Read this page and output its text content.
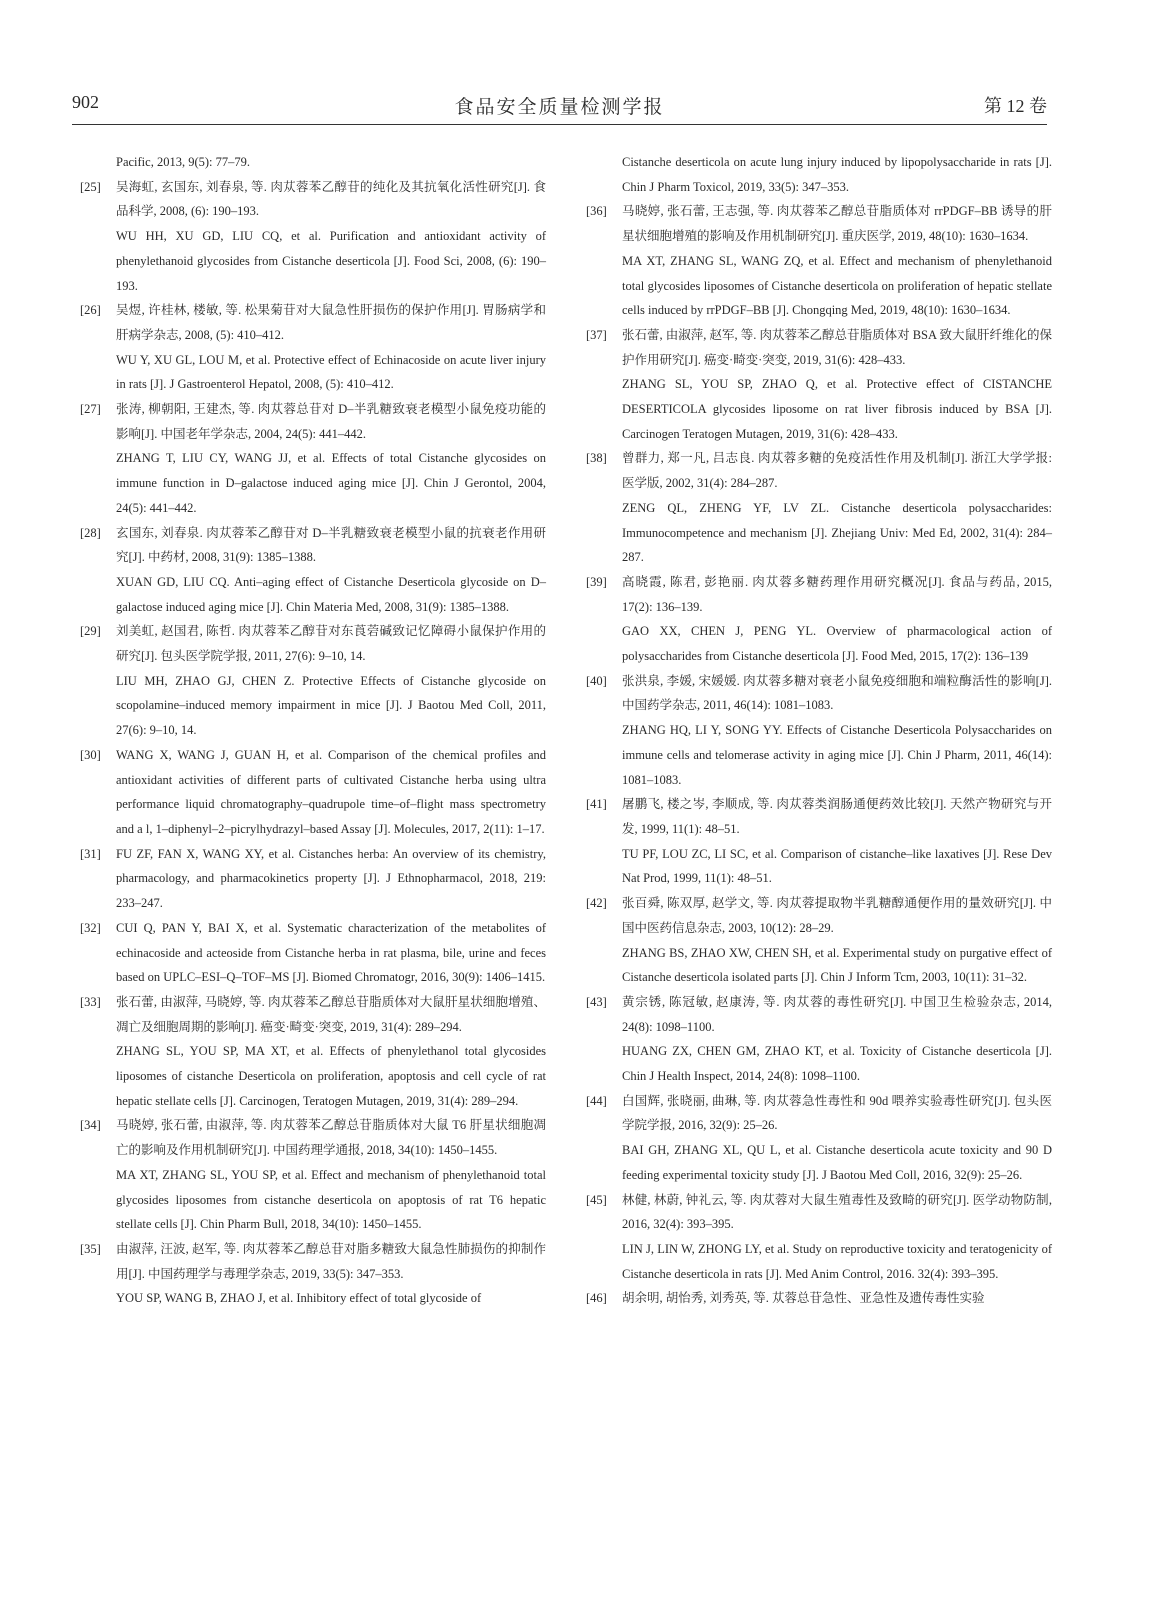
902	食品安全质量检测学报	第 12 卷

Pacific, 2013, 9(5): 77–79.

[25]	吴海虹, 玄国东, 刘春泉, 等. 肉苁蓉苯乙醇苷的纯化及其抗氧化活性研究[J]. 食品科学, 2008, (6): 190–193.

WU HH, XU GD, LIU CQ, et al. Purification and antioxidant activity of phenylethanoid glycosides from Cistanche deserticola [J]. Food Sci, 2008, (6): 190–193.

[26]	吴煜, 许桂林, 楼敏, 等. 松果菊苷对大鼠急性肝损伤的保护作用[J]. 胃肠病学和肝病学杂志, 2008, (5): 410–412.

WU Y, XU GL, LOU M, et al. Protective effect of Echinacoside on acute liver injury in rats [J]. J Gastroenterol Hepatol, 2008, (5): 410–412.

[27]	张涛, 柳朝阳, 王建杰, 等. 肉苁蓉总苷对 D–半乳糖致衰老模型小鼠免疫功能的影响[J]. 中国老年学杂志, 2004, 24(5): 441–442.

ZHANG T, LIU CY, WANG JJ, et al. Effects of total Cistanche glycosides on immune function in D–galactose induced aging mice [J]. Chin J Gerontol, 2004, 24(5): 441–442.

[28]	玄国东, 刘春泉. 肉苁蓉苯乙醇苷对 D–半乳糖致衰老模型小鼠的抗衰老作用研究[J]. 中药材, 2008, 31(9): 1385–1388.

XUAN GD, LIU CQ. Anti–aging effect of Cistanche Deserticola glycoside on D–galactose induced aging mice [J]. Chin Materia Med, 2008, 31(9): 1385–1388.

[29]	刘美虹, 赵国君, 陈哲. 肉苁蓉苯乙醇苷对东莨菪碱致记忆障碍小鼠保护作用的研究[J]. 包头医学院学报, 2011, 27(6): 9–10, 14.

LIU MH, ZHAO GJ, CHEN Z. Protective Effects of Cistanche glycoside on scopolamine–induced memory impairment in mice [J]. J Baotou Med Coll, 2011, 27(6): 9–10, 14.

[30]	WANG X, WANG J, GUAN H, et al. Comparison of the chemical profiles and antioxidant activities of different parts of cultivated Cistanche herba using ultra performance liquid chromatography–quadrupole time–of–flight mass spectrometry and a l, 1–diphenyl–2–picrylhydrazyl–based Assay [J]. Molecules, 2017, 2(11): 1–17.

[31]	FU ZF, FAN X, WANG XY, et al. Cistanches herba: An overview of its chemistry, pharmacology, and pharmacokinetics property [J]. J Ethnopharmacol, 2018, 219: 233–247.

[32]	CUI Q, PAN Y, BAI X, et al. Systematic characterization of the metabolites of echinacoside and acteoside from Cistanche herba in rat plasma, bile, urine and feces based on UPLC–ESI–Q–TOF–MS [J]. Biomed Chromatogr, 2016, 30(9): 1406–1415.

[33]	张石蕾, 由淑萍, 马晓婷, 等. 肉苁蓉苯乙醇总苷脂质体对大鼠肝星状细胞增殖、凋亡及细胞周期的影响[J]. 癌变·畸变·突变, 2019, 31(4): 289–294.

ZHANG SL, YOU SP, MA XT, et al. Effects of phenylethanol total glycosides liposomes of cistanche Deserticola on proliferation, apoptosis and cell cycle of rat hepatic stellate cells [J]. Carcinogen, Teratogen Mutagen, 2019, 31(4): 289–294.

[34]	马晓婷, 张石蕾, 由淑萍, 等. 肉苁蓉苯乙醇总苷脂质体对大鼠 T6 肝星状细胞凋亡的影响及作用机制研究[J]. 中国药理学通报, 2018, 34(10): 1450–1455.

MA XT, ZHANG SL, YOU SP, et al. Effect and mechanism of phenylethanoid total glycosides liposomes from cistanche deserticola on apoptosis of rat T6 hepatic stellate cells [J]. Chin Pharm Bull, 2018, 34(10): 1450–1455.

[35]	由淑萍, 汪波, 赵军, 等. 肉苁蓉苯乙醇总苷对脂多糖致大鼠急性肺损伤的抑制作用[J]. 中国药理学与毒理学杂志, 2019, 33(5): 347–353.

YOU SP, WANG B, ZHAO J, et al. Inhibitory effect of total glycoside of

Cistanche deserticola on acute lung injury induced by lipopolysaccharide in rats [J]. Chin J Pharm Toxicol, 2019, 33(5): 347–353.

[36]	马晓婷, 张石蕾, 王志强, 等. 肉苁蓉苯乙醇总苷脂质体对 rrPDGF–BB 诱导的肝星状细胞增殖的影响及作用机制研究[J]. 重庆医学, 2019, 48(10): 1630–1634.

MA XT, ZHANG SL, WANG ZQ, et al. Effect and mechanism of phenylethanoid total glycosides liposomes of Cistanche deserticola on proliferation of hepatic stellate cells induced by rrPDGF–BB [J]. Chongqing Med, 2019, 48(10): 1630–1634.

[37]	张石蕾, 由淑萍, 赵军, 等. 肉苁蓉苯乙醇总苷脂质体对 BSA 致大鼠肝纤维化的保护作用研究[J]. 癌变·畸变·突变, 2019, 31(6): 428–433.

ZHANG SL, YOU SP, ZHAO Q, et al. Protective effect of CISTANCHE DESERTICOLA glycosides liposome on rat liver fibrosis induced by BSA [J]. Carcinogen Teratogen Mutagen, 2019, 31(6): 428–433.

[38]	曾群力, 郑一凡, 吕志良. 肉苁蓉多糖的免疫活性作用及机制[J]. 浙江大学学报: 医学版, 2002, 31(4): 284–287.

ZENG QL, ZHENG YF, LV ZL. Cistanche deserticola polysaccharides: Immunocompetence and mechanism [J]. Zhejiang Univ: Med Ed, 2002, 31(4): 284–287.

[39]	高晓霞, 陈君, 彭艳丽. 肉苁蓉多糖药理作用研究概况[J]. 食品与药品, 2015, 17(2): 136–139.

GAO XX, CHEN J, PENG YL. Overview of pharmacological action of polysaccharides from Cistanche deserticola [J]. Food Med, 2015, 17(2): 136–139

[40]	张洪泉, 李媛, 宋媛媛. 肉苁蓉多糖对衰老小鼠免疫细胞和端粒酶活性的影响[J]. 中国药学杂志, 2011, 46(14): 1081–1083.

ZHANG HQ, LI Y, SONG YY. Effects of Cistanche Deserticola Polysaccharides on immune cells and telomerase activity in aging mice [J]. Chin J Pharm, 2011, 46(14): 1081–1083.

[41]	屠鹏飞, 楼之岑, 李顺成, 等. 肉苁蓉类润肠通便药效比较[J]. 天然产物研究与开发, 1999, 11(1): 48–51.

TU PF, LOU ZC, LI SC, et al. Comparison of cistanche–like laxatives [J]. Rese Dev Nat Prod, 1999, 11(1): 48–51.

[42]	张百舜, 陈双厚, 赵学文, 等. 肉苁蓉提取物半乳糖醇通便作用的量效研究[J]. 中国中医药信息杂志, 2003, 10(12): 28–29.

ZHANG BS, ZHAO XW, CHEN SH, et al. Experimental study on purgative effect of Cistanche deserticola isolated parts [J]. Chin J Inform Tcm, 2003, 10(11): 31–32.

[43]	黄宗锈, 陈冠敏, 赵康涛, 等. 肉苁蓉的毒性研究[J]. 中国卫生检验杂志, 2014, 24(8): 1098–1100.

HUANG ZX, CHEN GM, ZHAO KT, et al. Toxicity of Cistanche deserticola [J]. Chin J Health Inspect, 2014, 24(8): 1098–1100.

[44]	白国辉, 张晓丽, 曲琳, 等. 肉苁蓉急性毒性和 90d 喂养实验毒性研究[J]. 包头医学院学报, 2016, 32(9): 25–26.

BAI GH, ZHANG XL, QU L, et al. Cistanche deserticola acute toxicity and 90 D feeding experimental toxicity study [J]. J Baotou Med Coll, 2016, 32(9): 25–26.

[45]	林健, 林蔚, 钟礼云, 等. 肉苁蓉对大鼠生殖毒性及致畸的研究[J]. 医学动物防制, 2016, 32(4): 393–395.

LIN J, LIN W, ZHONG LY, et al. Study on reproductive toxicity and teratogenicity of Cistanche deserticola in rats [J]. Med Anim Control, 2016. 32(4): 393–395.

[46]	胡余明, 胡怡秀, 刘秀英, 等. 苁蓉总苷急性、亚急性及遗传毒性实验
